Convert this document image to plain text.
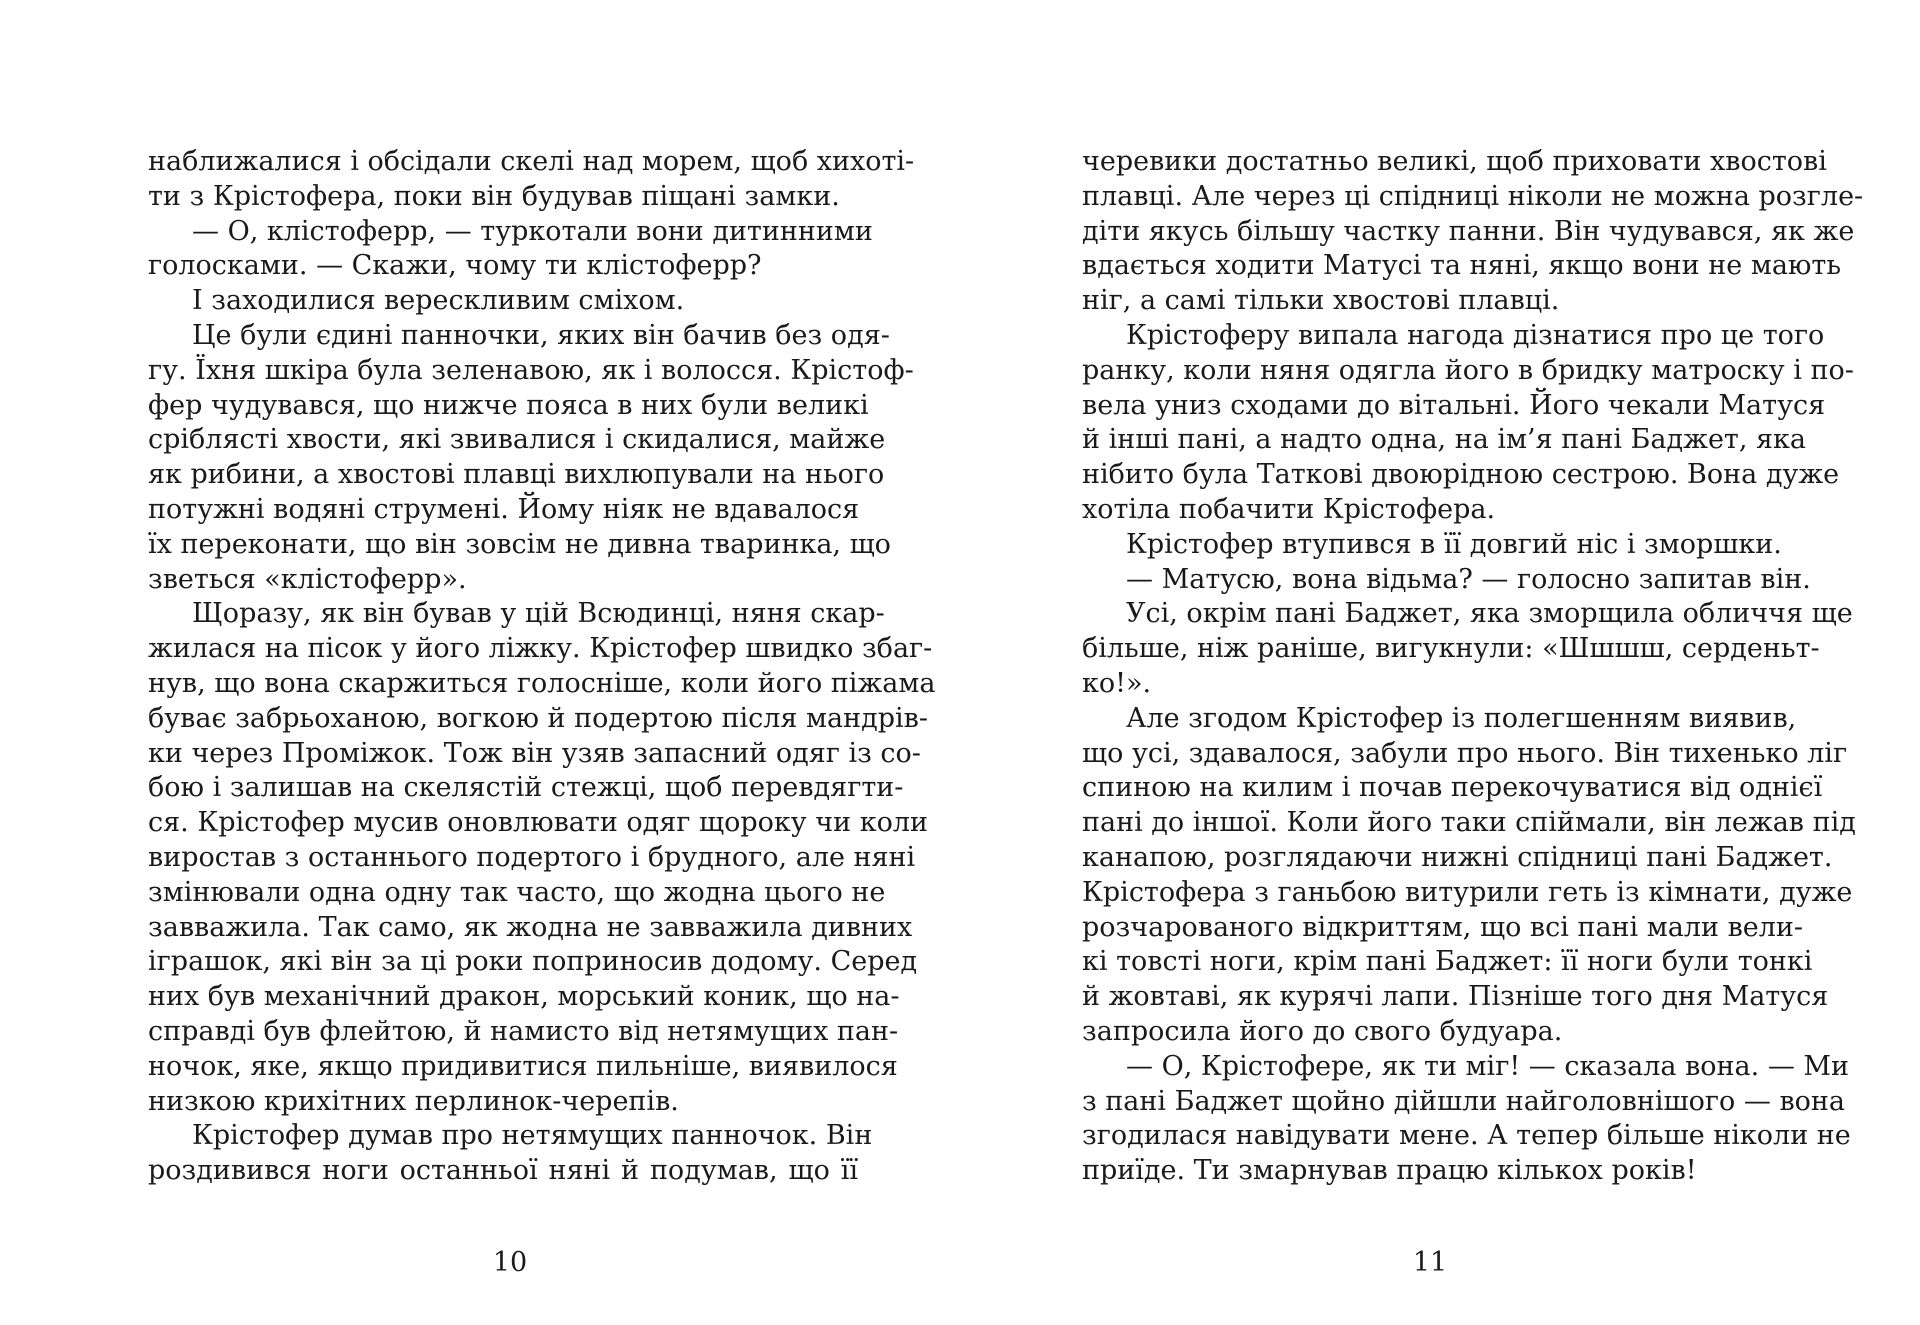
наближалися і обсідали скелі над морем, щоб хихоті-
ти з Крістофера, поки він будував піщані замки.
— О, клістоферр, — туркотали вони дитинними
голосками. — Скажи, чому ти клістоферр?
І заходилися верескливим сміхом.
Це були єдині панночки, яких він бачив без одя-
гу. Їхня шкіра була зеленавою, як і волосся. Крістоф-
фер чудувався, що нижче пояса в них були великі
сріблясті хвости, які звивалися і скидалися, майже
як рибини, а хвостові плавці вихлюпували на нього
потужні водяні струмені. Йому ніяк не вдавалося
їх переконати, що він зовсім не дивна тваринка, що
зветься «клістоферр».
Щоразу, як він бував у цій Всюдинці, няня скар-
жилася на пісок у його ліжку. Крістофер швидко збаг-
нув, що вона скаржиться голосніше, коли його піжама
буває забрьоханою, вогкою й подертою після мандрів-
ки через Проміжок. Тож він узяв запасний одяг із со-
бою і залишав на скелястій стежці, щоб перевдягти-
ся. Крістофер мусив оновлювати одяг щороку чи коли
виростав з останнього подертого і брудного, але няні
змінювали одна одну так часто, що жодна цього не
завважила. Так само, як жодна не завважила дивних
іграшок, які він за ці роки поприносив додому. Серед
них був механічний дракон, морський коник, що на-
справді був флейтою, й намисто від нетямущих пан-
ночок, яке, якщо придивитися пильніше, виявилося
низкою крихітних перлинок-черепів.
Крістофер думав про нетямущих панночок. Він
роздивився ноги останньої няні й подумав, що її
10
черевики достатньо великі, щоб приховати хвостові
плавці. Але через ці спідниці ніколи не можна розгле-
діти якусь більшу частку панни. Він чудувався, як же
вдається ходити Матусі та няні, якщо вони не мають
ніг, а самі тільки хвостові плавці.
Крістоферу випала нагода дізнатися про це того
ранку, коли няня одягла його в бридку матроску і по-
вела униз сходами до вітальні. Його чекали Матуся
й інші пані, а надто одна, на ім’я пані Баджет, яка
нібито була Таткові двоюрідною сестрою. Вона дуже
хотіла побачити Крістофера.
Крістофер втупився в її довгий ніс і зморшки.
— Матусю, вона відьма? — голосно запитав він.
Усі, окрім пані Баджет, яка зморщила обличчя ще
більше, ніж раніше, вигукнули: «Шшшш, серденьт-
ко!».
Але згодом Крістофер із полегшенням виявив,
що усі, здавалося, забули про нього. Він тихенько ліг
спиною на килим і почав перекочуватися від однієї
пані до іншої. Коли його таки спіймали, він лежав під
канапою, розглядаючи нижні спідниці пані Баджет.
Крістофера з ганьбою витурили геть із кімнати, дуже
розчарованого відкриттям, що всі пані мали вели-
кі товсті ноги, крім пані Баджет: її ноги були тонкі
й жовтаві, як курячі лапи. Пізніше того дня Матуся
запросила його до свого будуара.
— О, Крістофере, як ти міг! — сказала вона. — Ми
з пані Баджет щойно дійшли найголовнішого — вона
згодилася навідувати мене. А тепер більше ніколи не
приїде. Ти змарнував працю кількох років!
11
